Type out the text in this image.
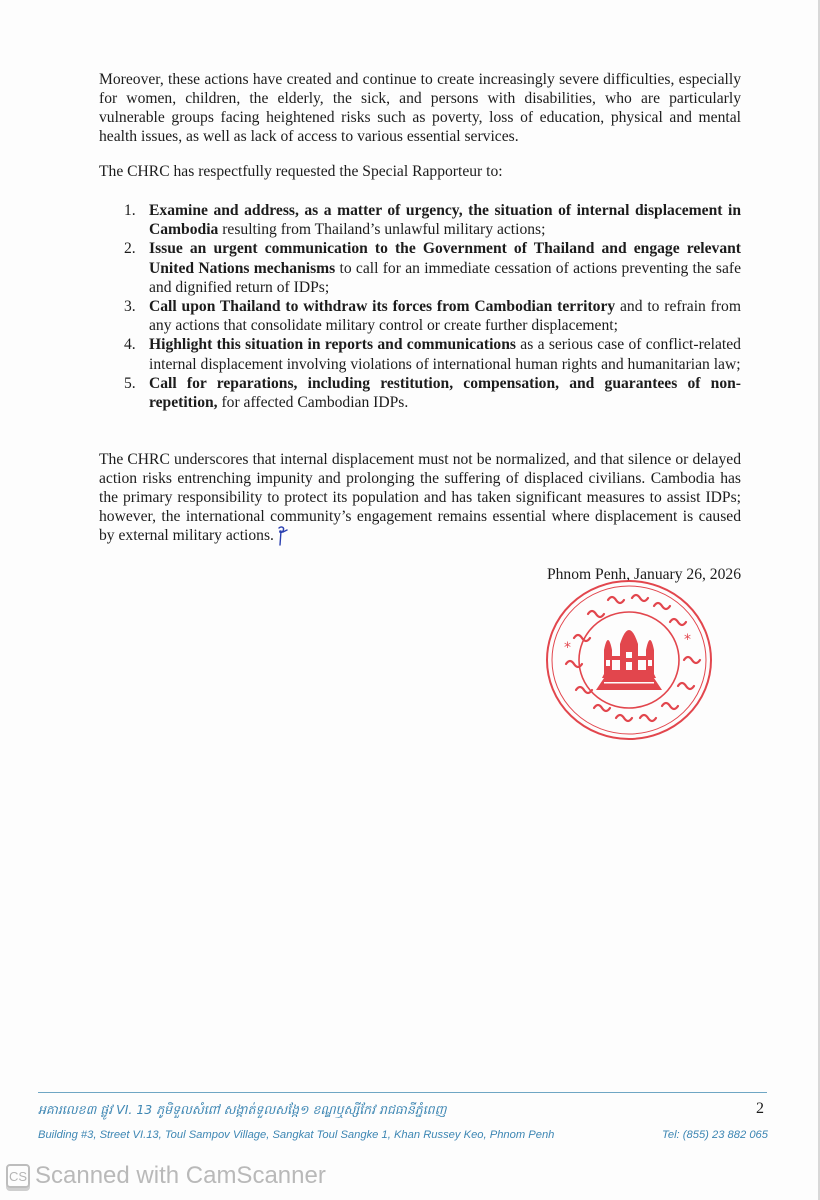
Moreover, these actions have created and continue to create increasingly severe difficulties, especially for women, children, the elderly, the sick, and persons with disabilities, who are particularly vulnerable groups facing heightened risks such as poverty, loss of education, physical and mental health issues, as well as lack of access to various essential services.

The CHRC has respectfully requested the Special Rapporteur to:

1. Examine and address, as a matter of urgency, the situation of internal displacement in Cambodia resulting from Thailand’s unlawful military actions;
2. Issue an urgent communication to the Government of Thailand and engage relevant United Nations mechanisms to call for an immediate cessation of actions preventing the safe and dignified return of IDPs;
3. Call upon Thailand to withdraw its forces from Cambodian territory and to refrain from any actions that consolidate military control or create further displacement;
4. Highlight this situation in reports and communications as a serious case of conflict-related internal displacement involving violations of international human rights and humanitarian law;
5. Call for reparations, including restitution, compensation, and guarantees of non-repetition, for affected Cambodian IDPs.

The CHRC underscores that internal displacement must not be normalized, and that silence or delayed action risks entrenching impunity and prolonging the suffering of displaced civilians. Cambodia has the primary responsibility to protect its population and has taken significant measures to assist IDPs; however, the international community’s engagement remains essential where displacement is caused by external military actions.

Phnom Penh, January 26, 2026
*	*
អគារលេខ៣ ផ្លូវ VI. 13 ភូមិទួលសំពៅ សង្កាត់ទួលសង្កែ១ ខណ្ឌឬស្សីកែវ រាជធានីភ្នំពេញ	2
Building #3, Street VI.13, Toul Sampov Village, Sangkat Toul Sangke 1, Khan Russey Keo, Phnom Penh	Tel: (855) 23 882 065
CS Scanned with CamScanner
